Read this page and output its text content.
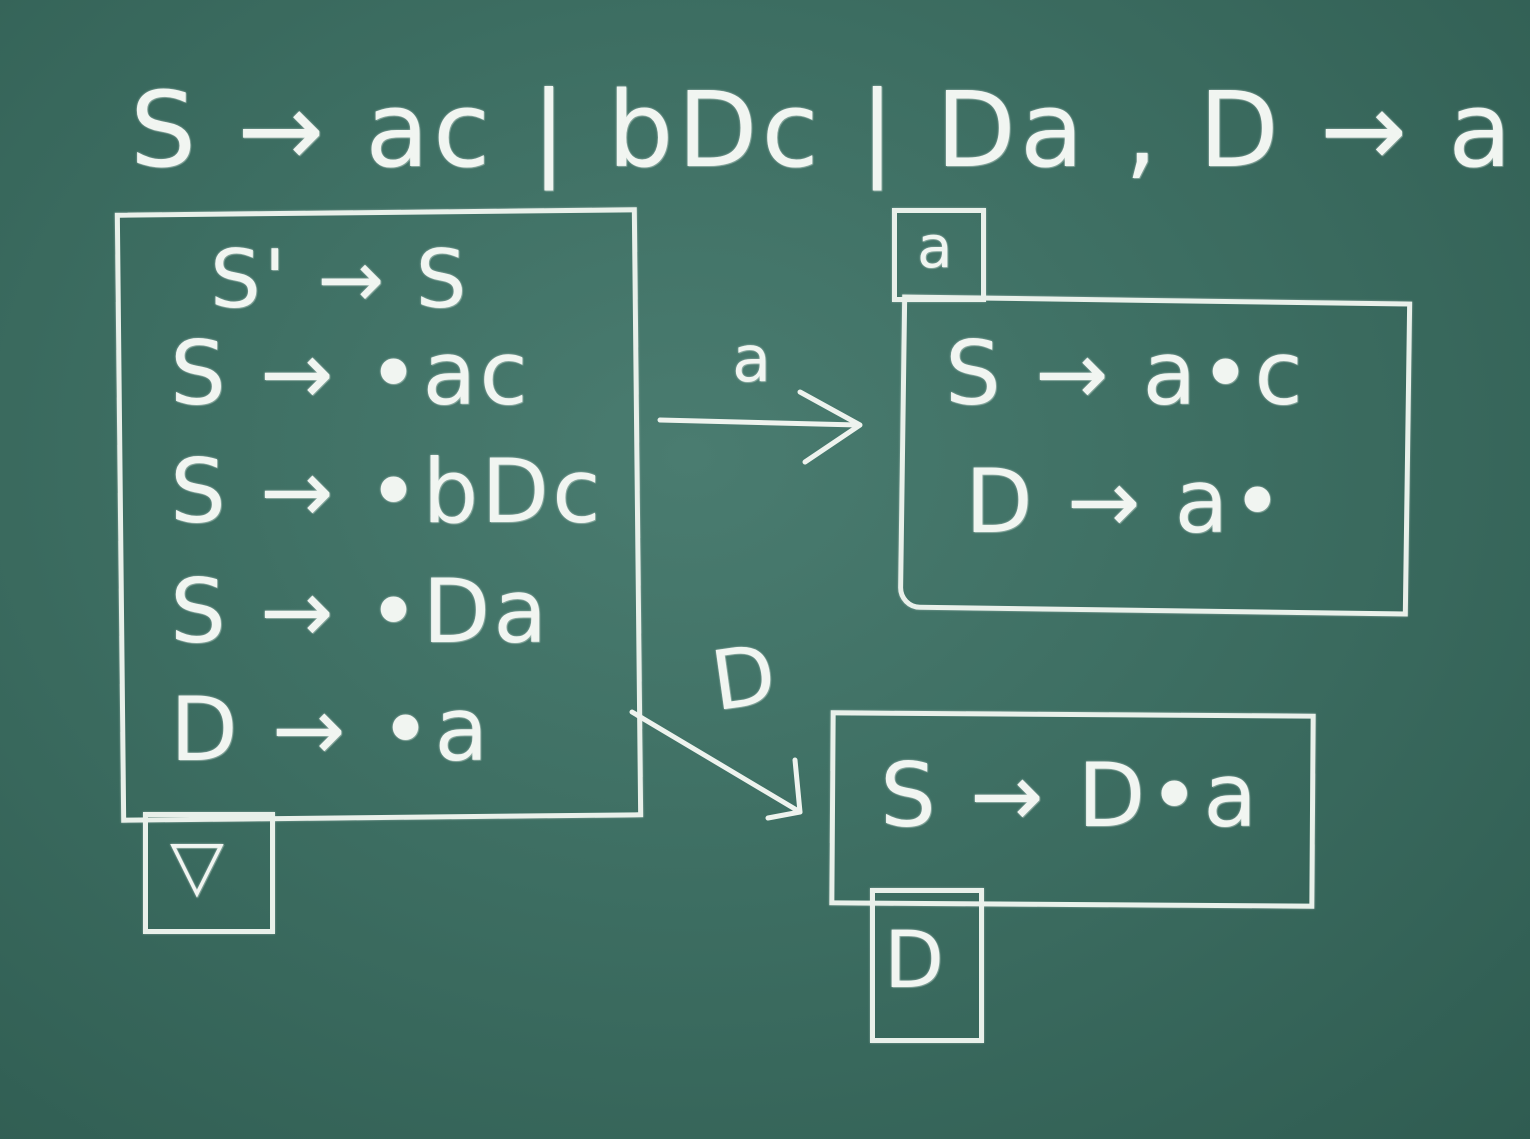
S → ac | bDc | Da , D → a
S' → S
S → •ac
S → •bDc
S → •Da
D → •a
▽
a
S → a•c
D → a•
S → D•a
D
a
D
